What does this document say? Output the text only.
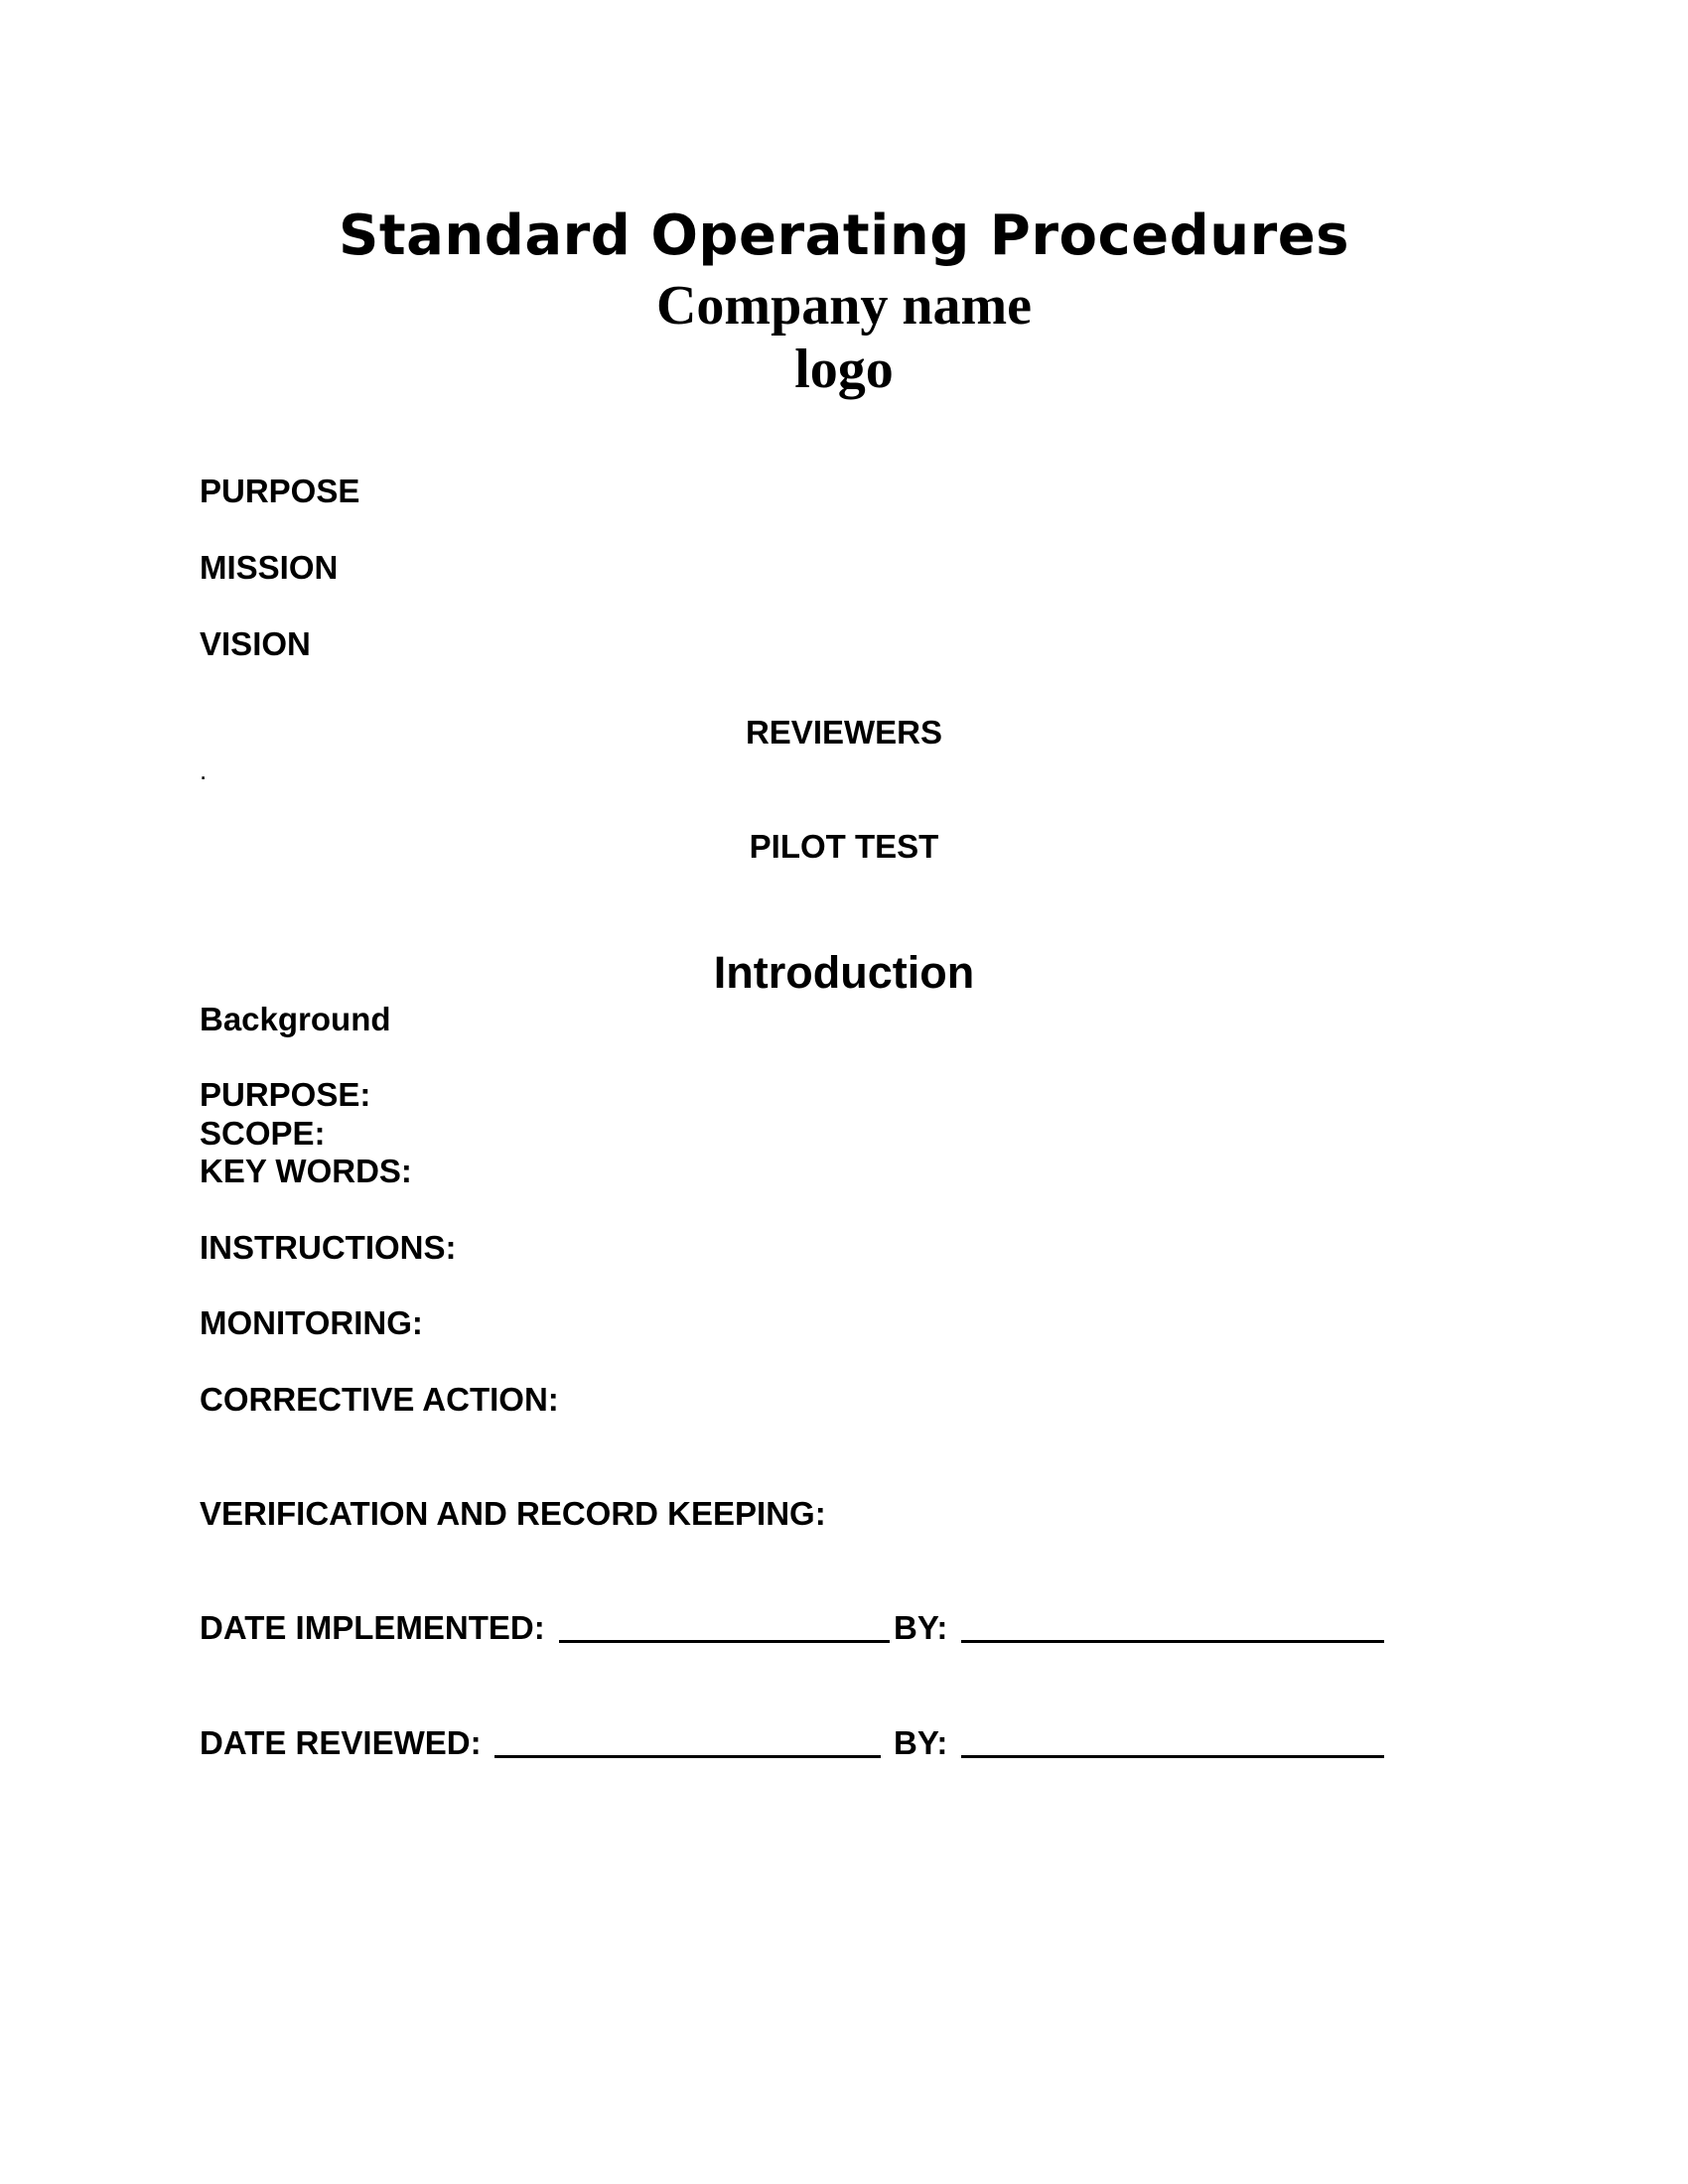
Standard Operating Procedures
Company name
logo
PURPOSE
MISSION
VISION
REVIEWERS
.
PILOT TEST
Introduction
Background
PURPOSE:
SCOPE:
KEY WORDS:
INSTRUCTIONS:
MONITORING:
CORRECTIVE ACTION:
VERIFICATION AND RECORD KEEPING:
DATE IMPLEMENTED:	BY:
DATE REVIEWED:	BY:
